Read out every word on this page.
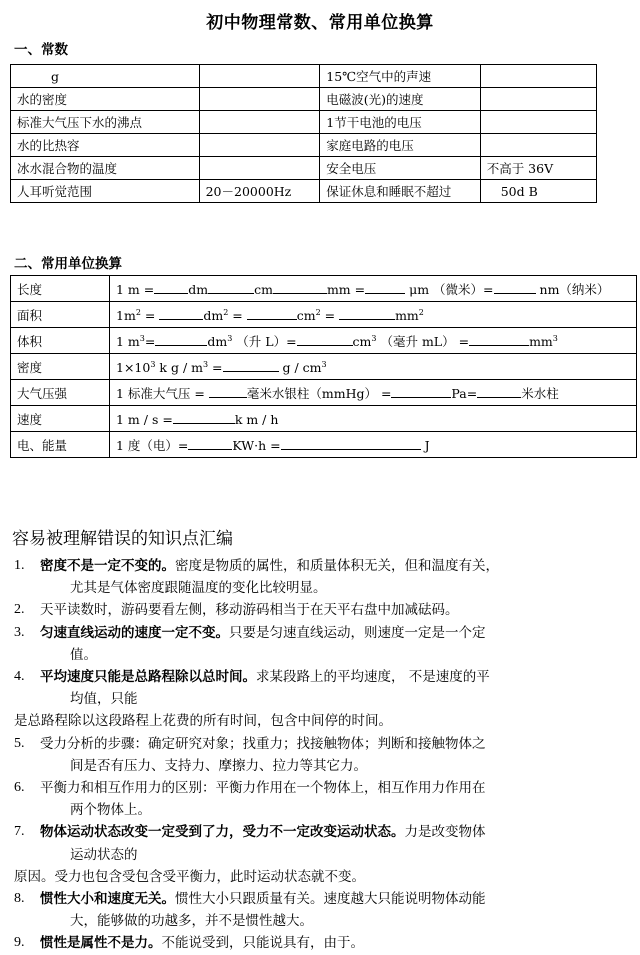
初中物理常数、常用单位换算
一、常数
g		15℃空气中的声速	
水的密度		电磁波(光)的速度	
标准大气压下水的沸点		1节干电池的电压	
水的比热容		家庭电路的电压	
冰水混合物的温度		安全电压	不高于 36V
人耳听觉范围	20－20000Hz	保证休息和睡眠不超过	50d B
二、常用单位换算
长度	1 m = dm cm mm = μm （微米）= nm（纳米）
面积	$1m^2 = dm^2 = cm^2 = mm^2$
体积	1 $m^3= dm^3$ （升 $L)= cm^3$ （毫升 $mL) = mm^3$
密度	$1\times 10^3$ k $g / m^3 = g / cm^3$
大气压强	1 标准大气压 = 毫米水银柱（mmHg） = Pa= 米水柱
速度	1 m / s = k m / h
电、能量	1 度（电）= KW·h = J
容易被理解错误的知识点汇编
1.	密度不是一定不变的。密度是物质的属性，和质量体积无关，但和温度有关，

尤其是气体密度跟随温度的变化比较明显。

2.	天平读数时，游码要看左侧，移动游码相当于在天平右盘中加减砝码。

3.	匀速直线运动的速度一定不变。只要是匀速直线运动，则速度一定是一个定

值。

4.	平均速度只能是总路程除以总时间。求某段路上的平均速度， 不是速度的平

均值，只能

是总路程除以这段路程上花费的所有时间，包含中间停的时间。

5.	受力分析的步骤：确定研究对象；找重力；找接触物体；判断和接触物体之

间是否有压力、支持力、摩擦力、拉力等其它力。

6.	平衡力和相互作用力的区别：平衡力作用在一个物体上，相互作用力作用在

两个物体上。

7.	物体运动状态改变一定受到了力，受力不一定改变运动状态。力是改变物体

运动状态的

原因。受力也包含受包含受平衡力，此时运动状态就不变。

8.	惯性大小和速度无关。惯性大小只跟质量有关。速度越大只能说明物体动能

大，能够做的功越多，并不是惯性越大。

9.	惯性是属性不是力。不能说受到，只能说具有，由于。
